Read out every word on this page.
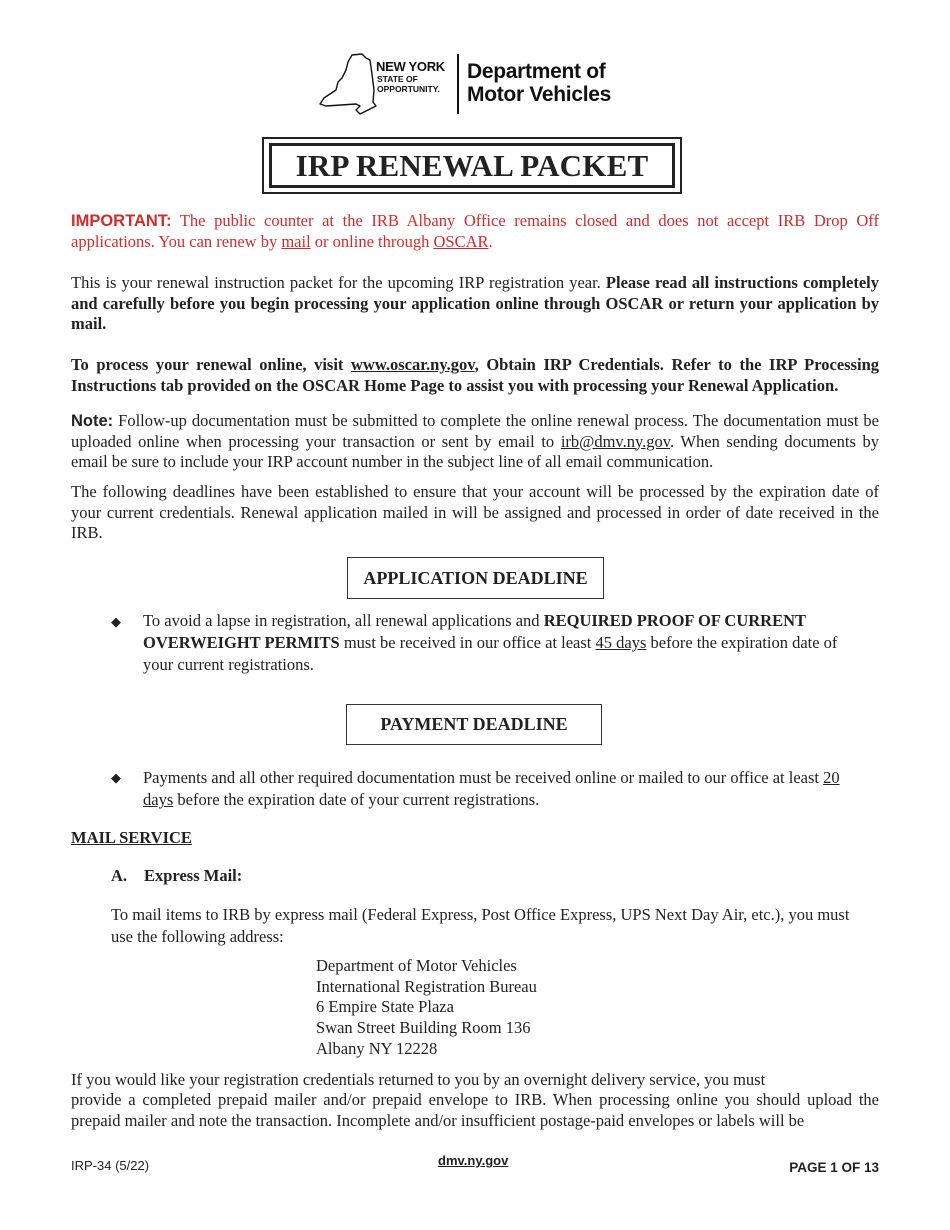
NEW YORK
STATE OF
OPPORTUNITY.
Department of
Motor Vehicles
IRP RENEWAL PACKET

IMPORTANT: The public counter at the IRB Albany Office remains closed and does not accept IRB Drop Off applications. You can renew by mail or online through OSCAR.

This is your renewal instruction packet for the upcoming IRP registration year. Please read all instructions completely and carefully before you begin processing your application online through OSCAR or return your application by mail.

To process your renewal online, visit www.oscar.ny.gov, Obtain IRP Credentials. Refer to the IRP Processing Instructions tab provided on the OSCAR Home Page to assist you with processing your Renewal Application.

Note: Follow-up documentation must be submitted to complete the online renewal process. The documentation must be uploaded online when processing your transaction or sent by email to irb@dmv.ny.gov. When sending documents by email be sure to include your IRP account number in the subject line of all email communication.

The following deadlines have been established to ensure that your account will be processed by the expiration date of your current credentials. Renewal application mailed in will be assigned and processed in order of date received in the IRB.

APPLICATION DEADLINE
◆ To avoid a lapse in registration, all renewal applications and REQUIRED PROOF OF CURRENT OVERWEIGHT PERMITS must be received in our office at least 45 days before the expiration date of your current registrations.

PAYMENT DEADLINE
◆ Payments and all other required documentation must be received online or mailed to our office at least 20 days before the expiration date of your current registrations.

MAIL SERVICE
A. Express Mail:

To mail items to IRB by express mail (Federal Express, Post Office Express, UPS Next Day Air, etc.), you must use the following address:

Department of Motor Vehicles
International Registration Bureau
6 Empire State Plaza
Swan Street Building Room 136
Albany NY 12228

If you would like your registration credentials returned to you by an overnight delivery service, you must

provide a completed prepaid mailer and/or prepaid envelope to IRB. When processing online you should upload the prepaid mailer and note the transaction. Incomplete and/or insufficient postage-paid envelopes or labels will be

IRP-34 (5/22)	dmv.ny.gov	PAGE 1 OF 13
